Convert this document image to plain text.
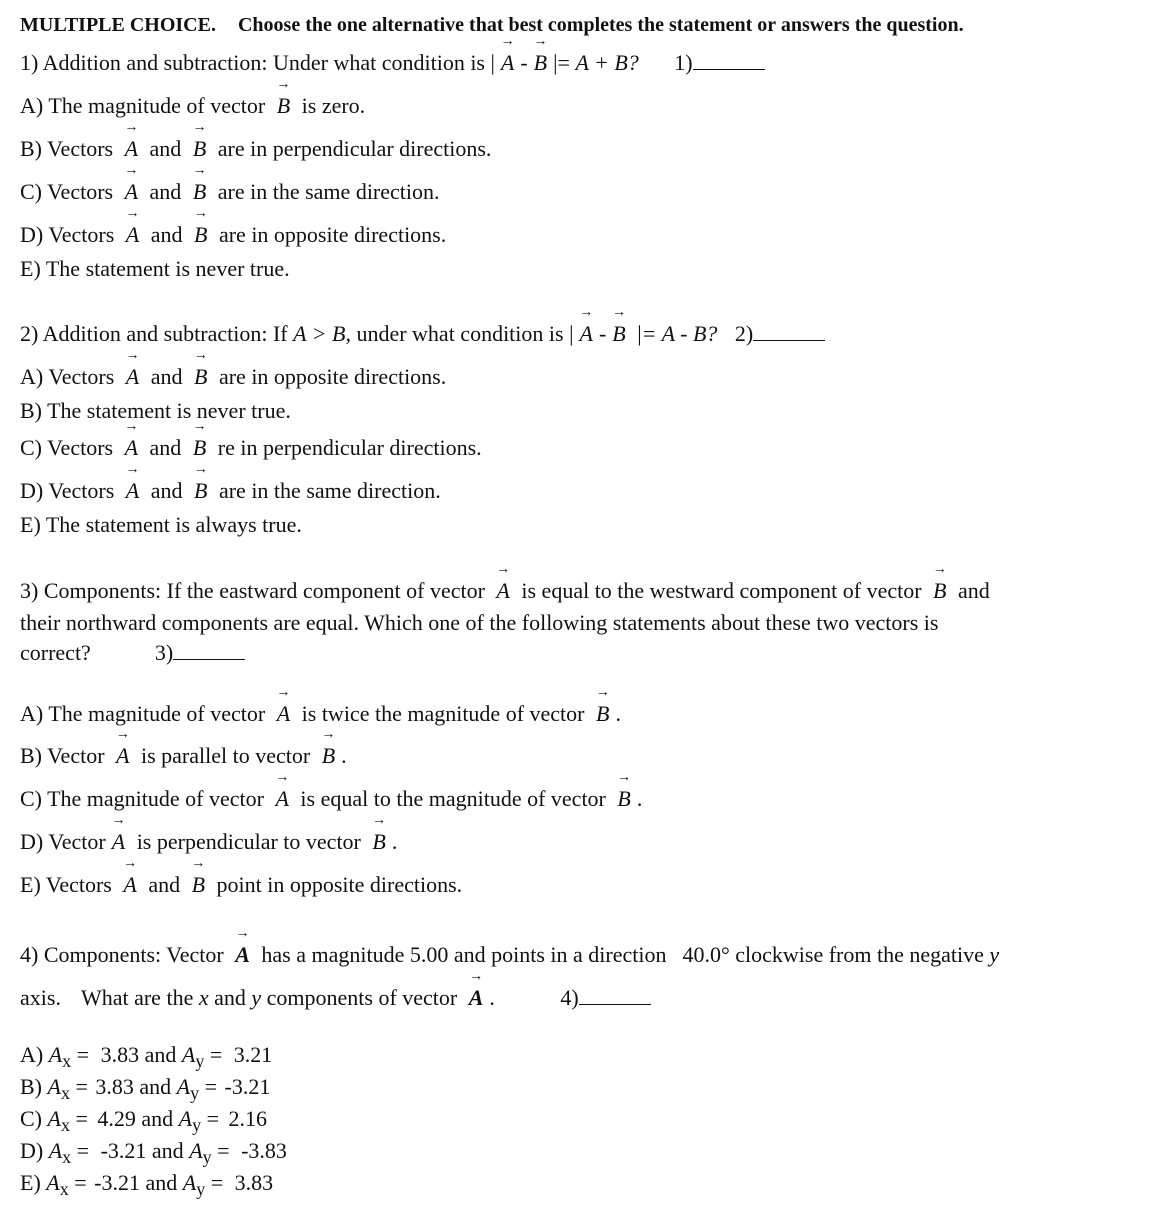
MULTIPLE CHOICE. Choose the one alternative that best completes the statement or answers the question.
1) Addition and subtraction: Under what condition is | → A - → B |= A + B? 1)
A) The magnitude of vector → B is zero.
B) Vectors → A and → B are in perpendicular directions.
C) Vectors → A and → B are in the same direction.
D) Vectors → A and → B are in opposite directions.
E) The statement is never true.
2) Addition and subtraction: If A > B, under what condition is | → A - → B |= A - B? 2)
A) Vectors → A and → B are in opposite directions.
B) The statement is never true.
C) Vectors → A and → B re in perpendicular directions.
D) Vectors → A and → B are in the same direction.
E) The statement is always true.
3) Components: If the eastward component of vector → A is equal to the westward component of vector → B and
their northward components are equal. Which one of the following statements about these two vectors is
correct?	3)
A) The magnitude of vector → A is twice the magnitude of vector → B .
B) Vector → A is parallel to vector → B .
C) The magnitude of vector → A is equal to the magnitude of vector → B .
D) Vector → A is perpendicular to vector → B .
E) Vectors → A and → B point in opposite directions.
4) Components: Vector → A has a magnitude 5.00 and points in a direction 40.0° clockwise from the negative y
axis. What are the x and y components of vector → A .	4)
A) $A_x = 3.83$ and $A_y = 3.21$
B) $A_x = 3.83$ and $A_y = -3.21$
C) $A_x = 4.29$ and $A_y = 2.16$
D) $A_x = -3.21$ and $A_y = -3.83$
E) $A_x = -3.21$ and $A_y = 3.83$
